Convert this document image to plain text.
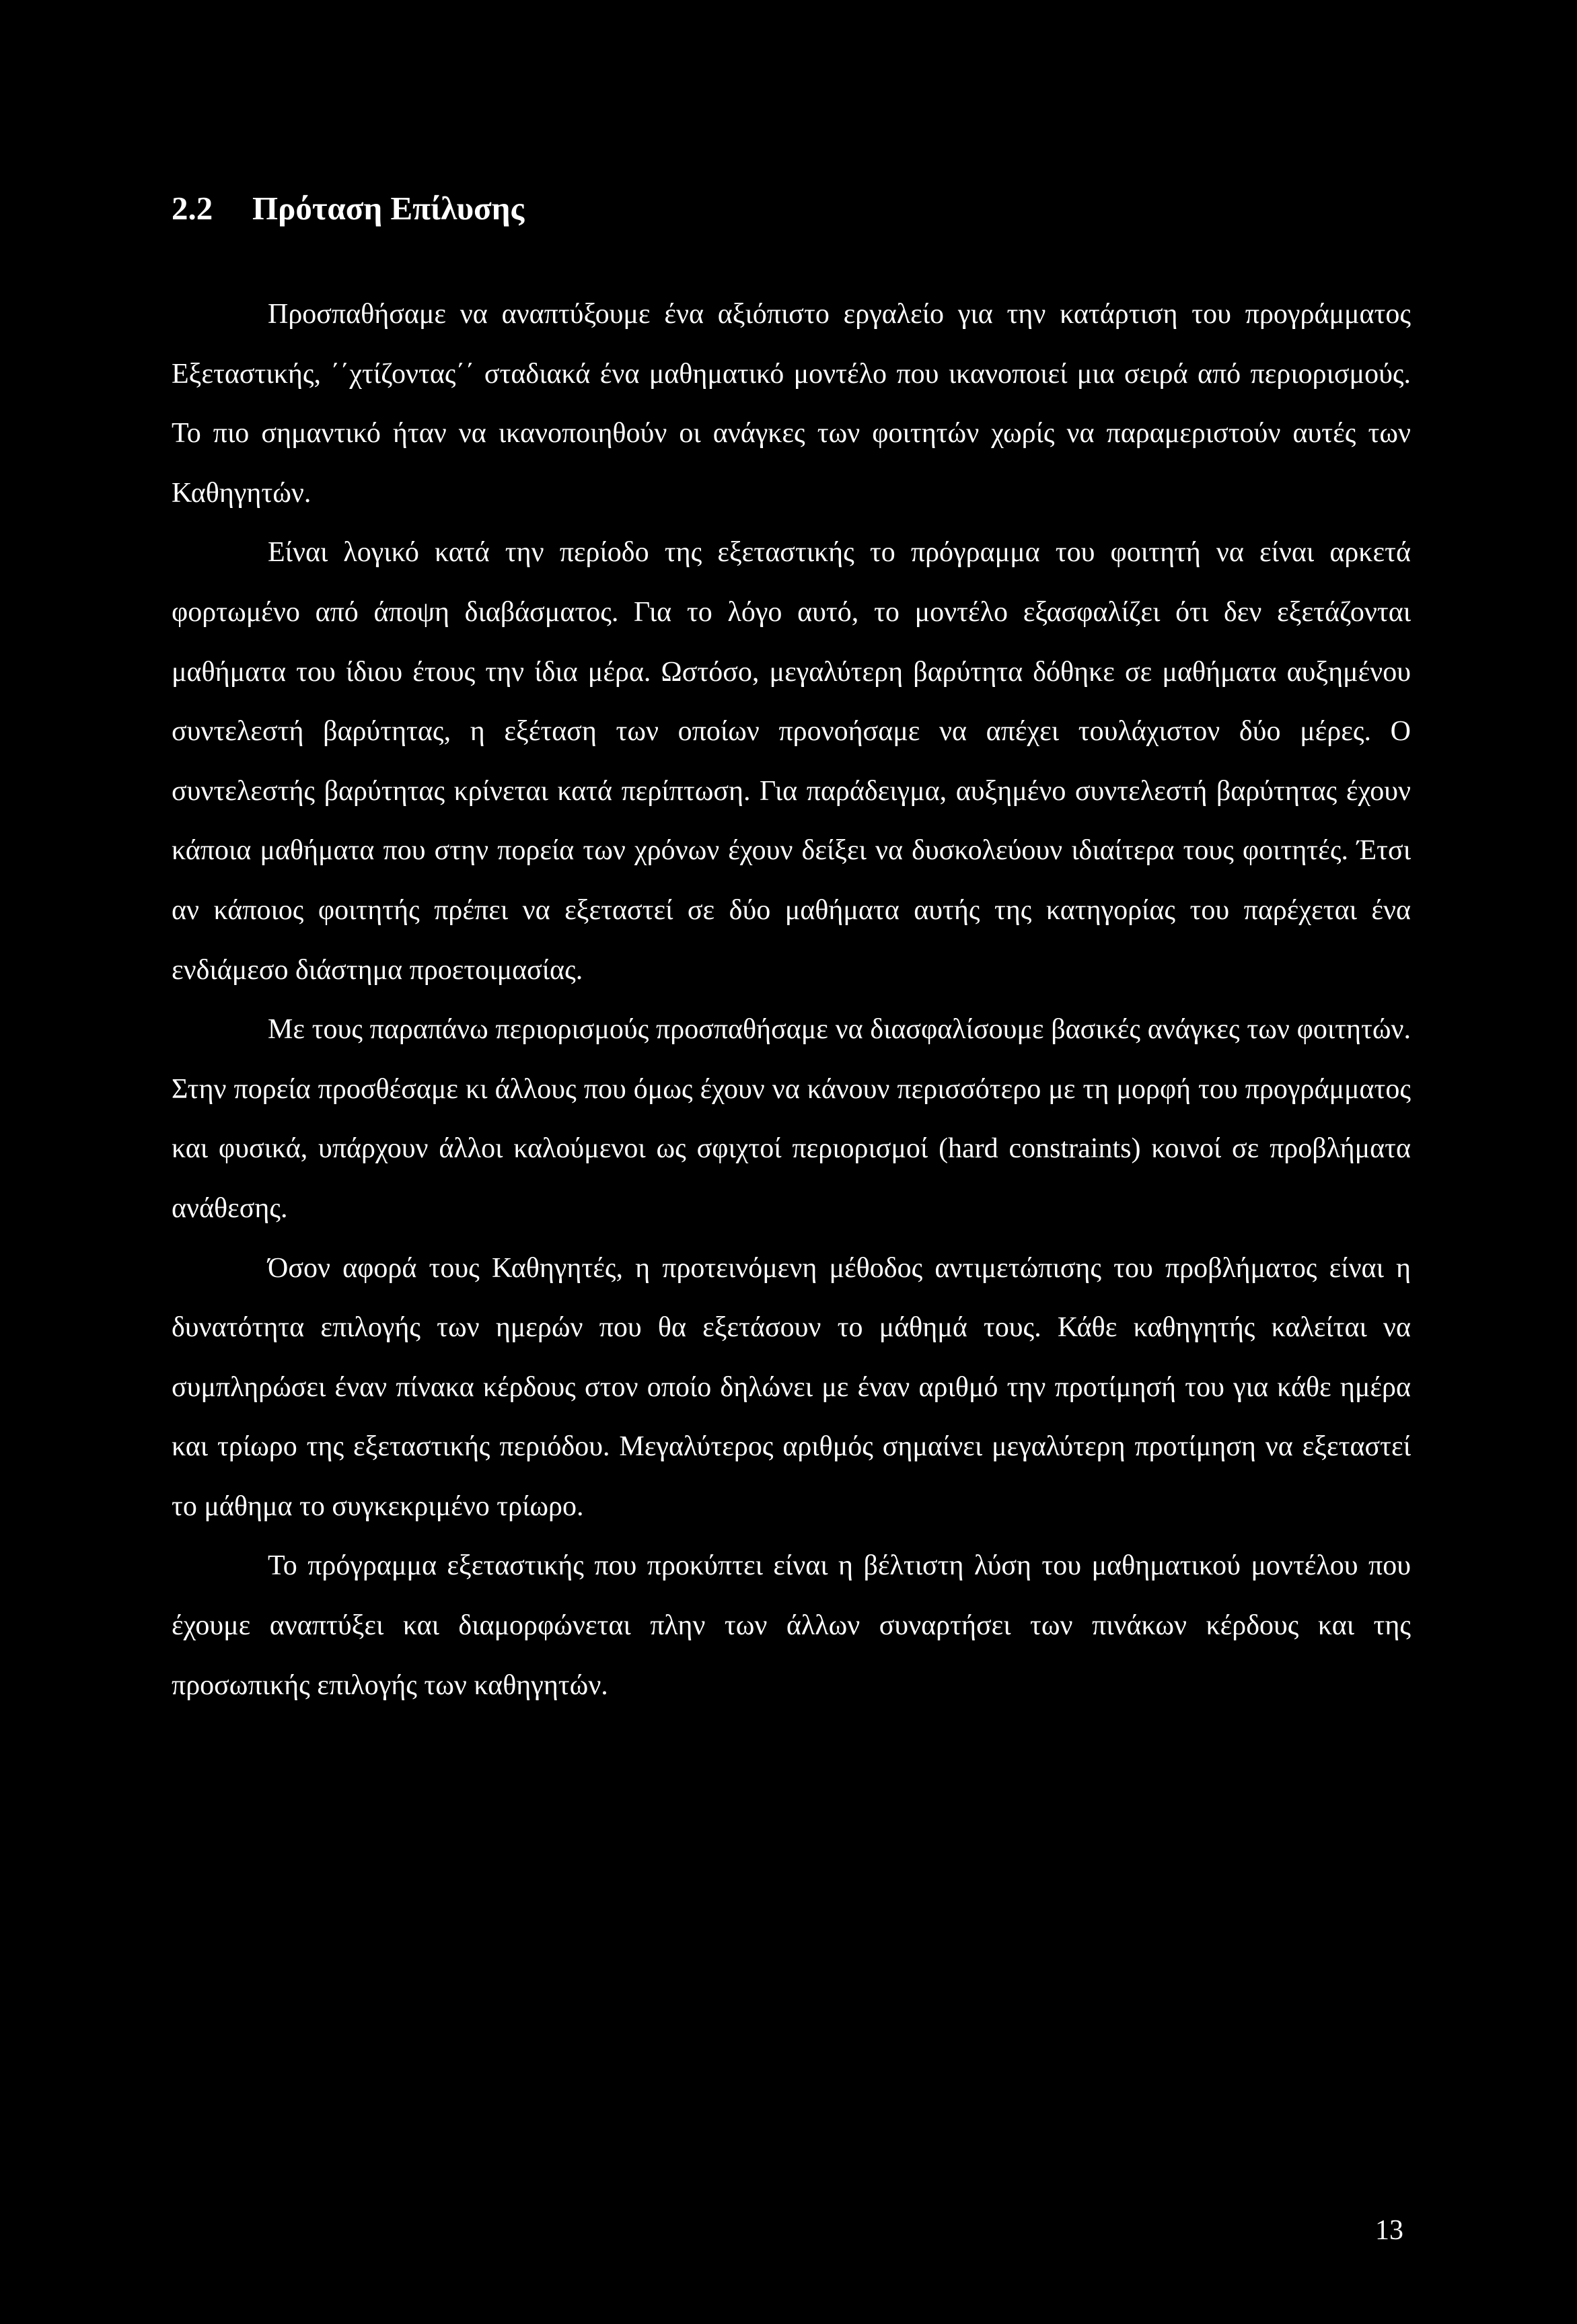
2.2 Πρόταση Επίλυσης

Προσπαθήσαμε να αναπτύξουμε ένα αξιόπιστο εργαλείο για την κατάρτιση του προγράμματος Εξεταστικής, ΄΄χτίζοντας΄΄ σταδιακά ένα μαθηματικό μοντέλο που ικανοποιεί μια σειρά από περιορισμούς. Το πιο σημαντικό ήταν να ικανοποιηθούν οι ανάγκες των φοιτητών χωρίς να παραμεριστούν αυτές των Καθηγητών.

Είναι λογικό κατά την περίοδο της εξεταστικής το πρόγραμμα του φοιτητή να είναι αρκετά φορτωμένο από άποψη διαβάσματος. Για το λόγο αυτό, το μοντέλο εξασφαλίζει ότι δεν εξετάζονται μαθήματα του ίδιου έτους την ίδια μέρα. Ωστόσο, μεγαλύτερη βαρύτητα δόθηκε σε μαθήματα αυξημένου συντελεστή βαρύτητας, η εξέταση των οποίων προνοήσαμε να απέχει τουλάχιστον δύο μέρες. Ο συντελεστής βαρύτητας κρίνεται κατά περίπτωση. Για παράδειγμα, αυξημένο συντελεστή βαρύτητας έχουν κάποια μαθήματα που στην πορεία των χρόνων έχουν δείξει να δυσκολεύουν ιδιαίτερα τους φοιτητές. Έτσι αν κάποιος φοιτητής πρέπει να εξεταστεί σε δύο μαθήματα αυτής της κατηγορίας του παρέχεται ένα ενδιάμεσο διάστημα προετοιμασίας.

Με τους παραπάνω περιορισμούς προσπαθήσαμε να διασφαλίσουμε βασικές ανάγκες των φοιτητών. Στην πορεία προσθέσαμε κι άλλους που όμως έχουν να κάνουν περισσότερο με τη μορφή του προγράμματος και φυσικά, υπάρχουν άλλοι καλούμενοι ως σφιχτοί περιορισμοί (hard constraints) κοινοί σε προβλήματα ανάθεσης.

Όσον αφορά τους Καθηγητές, η προτεινόμενη μέθοδος αντιμετώπισης του προβλήματος είναι η δυνατότητα επιλογής των ημερών που θα εξετάσουν το μάθημά τους. Κάθε καθηγητής καλείται να συμπληρώσει έναν πίνακα κέρδους στον οποίο δηλώνει με έναν αριθμό την προτίμησή του για κάθε ημέρα και τρίωρο της εξεταστικής περιόδου. Μεγαλύτερος αριθμός σημαίνει μεγαλύτερη προτίμηση να εξεταστεί το μάθημα το συγκεκριμένο τρίωρο.

Το πρόγραμμα εξεταστικής που προκύπτει είναι η βέλτιστη λύση του μαθηματικού μοντέλου που έχουμε αναπτύξει και διαμορφώνεται πλην των άλλων συναρτήσει των πινάκων κέρδους και της προσωπικής επιλογής των καθηγητών.

13
